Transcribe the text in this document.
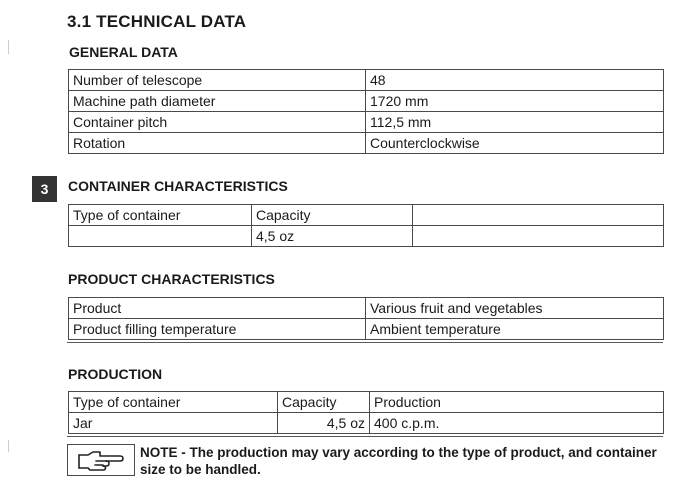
3.1 TECHNICAL DATA
GENERAL DATA
Number of telescope	48
Machine path diameter	1720 mm
Container pitch	112,5 mm
Rotation	Counterclockwise
3	CONTAINER CHARACTERISTICS
Type of container	Capacity	
	4,5 oz	
PRODUCT CHARACTERISTICS
Product	Various fruit and vegetables
Product filling temperature	Ambient temperature
PRODUCTION
Type of container	Capacity	Production
Jar	4,5 oz	400 c.p.m.
NOTE - The production may vary according to the type of product, and container size to be handled.
